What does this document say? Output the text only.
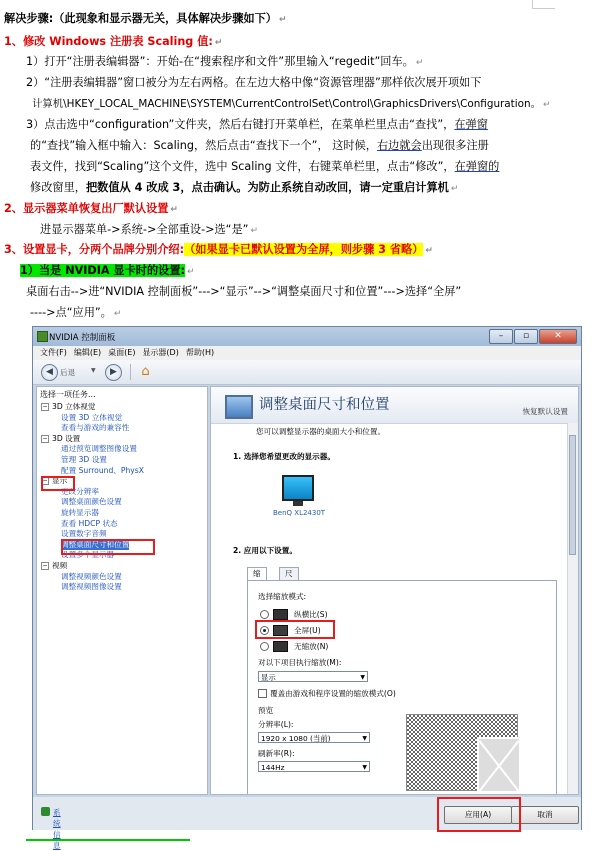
解决步骤:（此现象和显示器无关，具体解决步骤如下） ↵
1、修改 Windows 注册表 Scaling 值: ↵
1）打开“注册表编辑器”：开始-在“搜索程序和文件”那里输入“regedit”回车。 ↵
2）“注册表编辑器”窗口被分为左右两格。在左边大格中像“资源管理器”那样依次展开项如下
计算机\HKEY_LOCAL_MACHINE\SYSTEM\CurrentControlSet\Control\GraphicsDrivers\Configuration。 ↵
3）点击选中“configuration”文件夹，然后右键打开菜单栏，在菜单栏里点击“查找”，在弹窗
的“查找”输入框中输入：Scaling，然后点击“查找下一个”， 这时候，右边就会出现很多注册
表文件，找到“Scaling”这个文件，选中 Scaling 文件，右键菜单栏里，点击“修改”，在弹窗的
修改窗里，把数值从 4 改成 3，点击确认。为防止系统自动改回，请一定重启计算机 ↵
2、显示器菜单恢复出厂默认设置 ↵
进显示器菜单->系统->全部重设->选“是” ↵
3、设置显卡，分两个品牌分别介绍:（如果显卡已默认设置为全屏，则步骤 3 省略） ↵
1）当是 NVIDIA 显卡时的设置: ↵
桌面右击-->进“NVIDIA 控制面板”--->“显示”-->“调整桌面尺寸和位置”--->选择“全屏”
---->点“应用”。 ↵
NVIDIA 控制面板	–	▫	✕
文件(F) 编辑(E) 桌面(E) 显示器(D) 帮助(H)
◀ 后退	▼	▶	⌂
选择一项任务...
− 3D 立体视觉
设置 3D 立体视觉
查看与游戏的兼容性
− 3D 设置
通过预览调整图像设置
管理 3D 设置
配置 Surround、PhysX
− 显示
更改分辨率
调整桌面颜色设置
旋转显示器
查看 HDCP 状态
设置数字音频
调整桌面尺寸和位置
设置多个显示器
− 视频
调整视频颜色设置
调整视频图像设置
调整桌面尺寸和位置	恢复默认设置
您可以调整显示器的桌面大小和位置。
1. 选择您希望更改的显示器。
BenQ XL2430T
2. 应用以下设置。
缩	尺
选择缩放模式:
纵横比(S)
全屏(U)
无缩放(N)
对以下项目执行缩放(M):
显示	▼
覆盖由游戏和程序设置的缩放模式(O)
预览
分辨率(L):
1920 x 1080 (当前)	▼
刷新率(R):
144Hz	▼
系统信息
应用(A)	取消
